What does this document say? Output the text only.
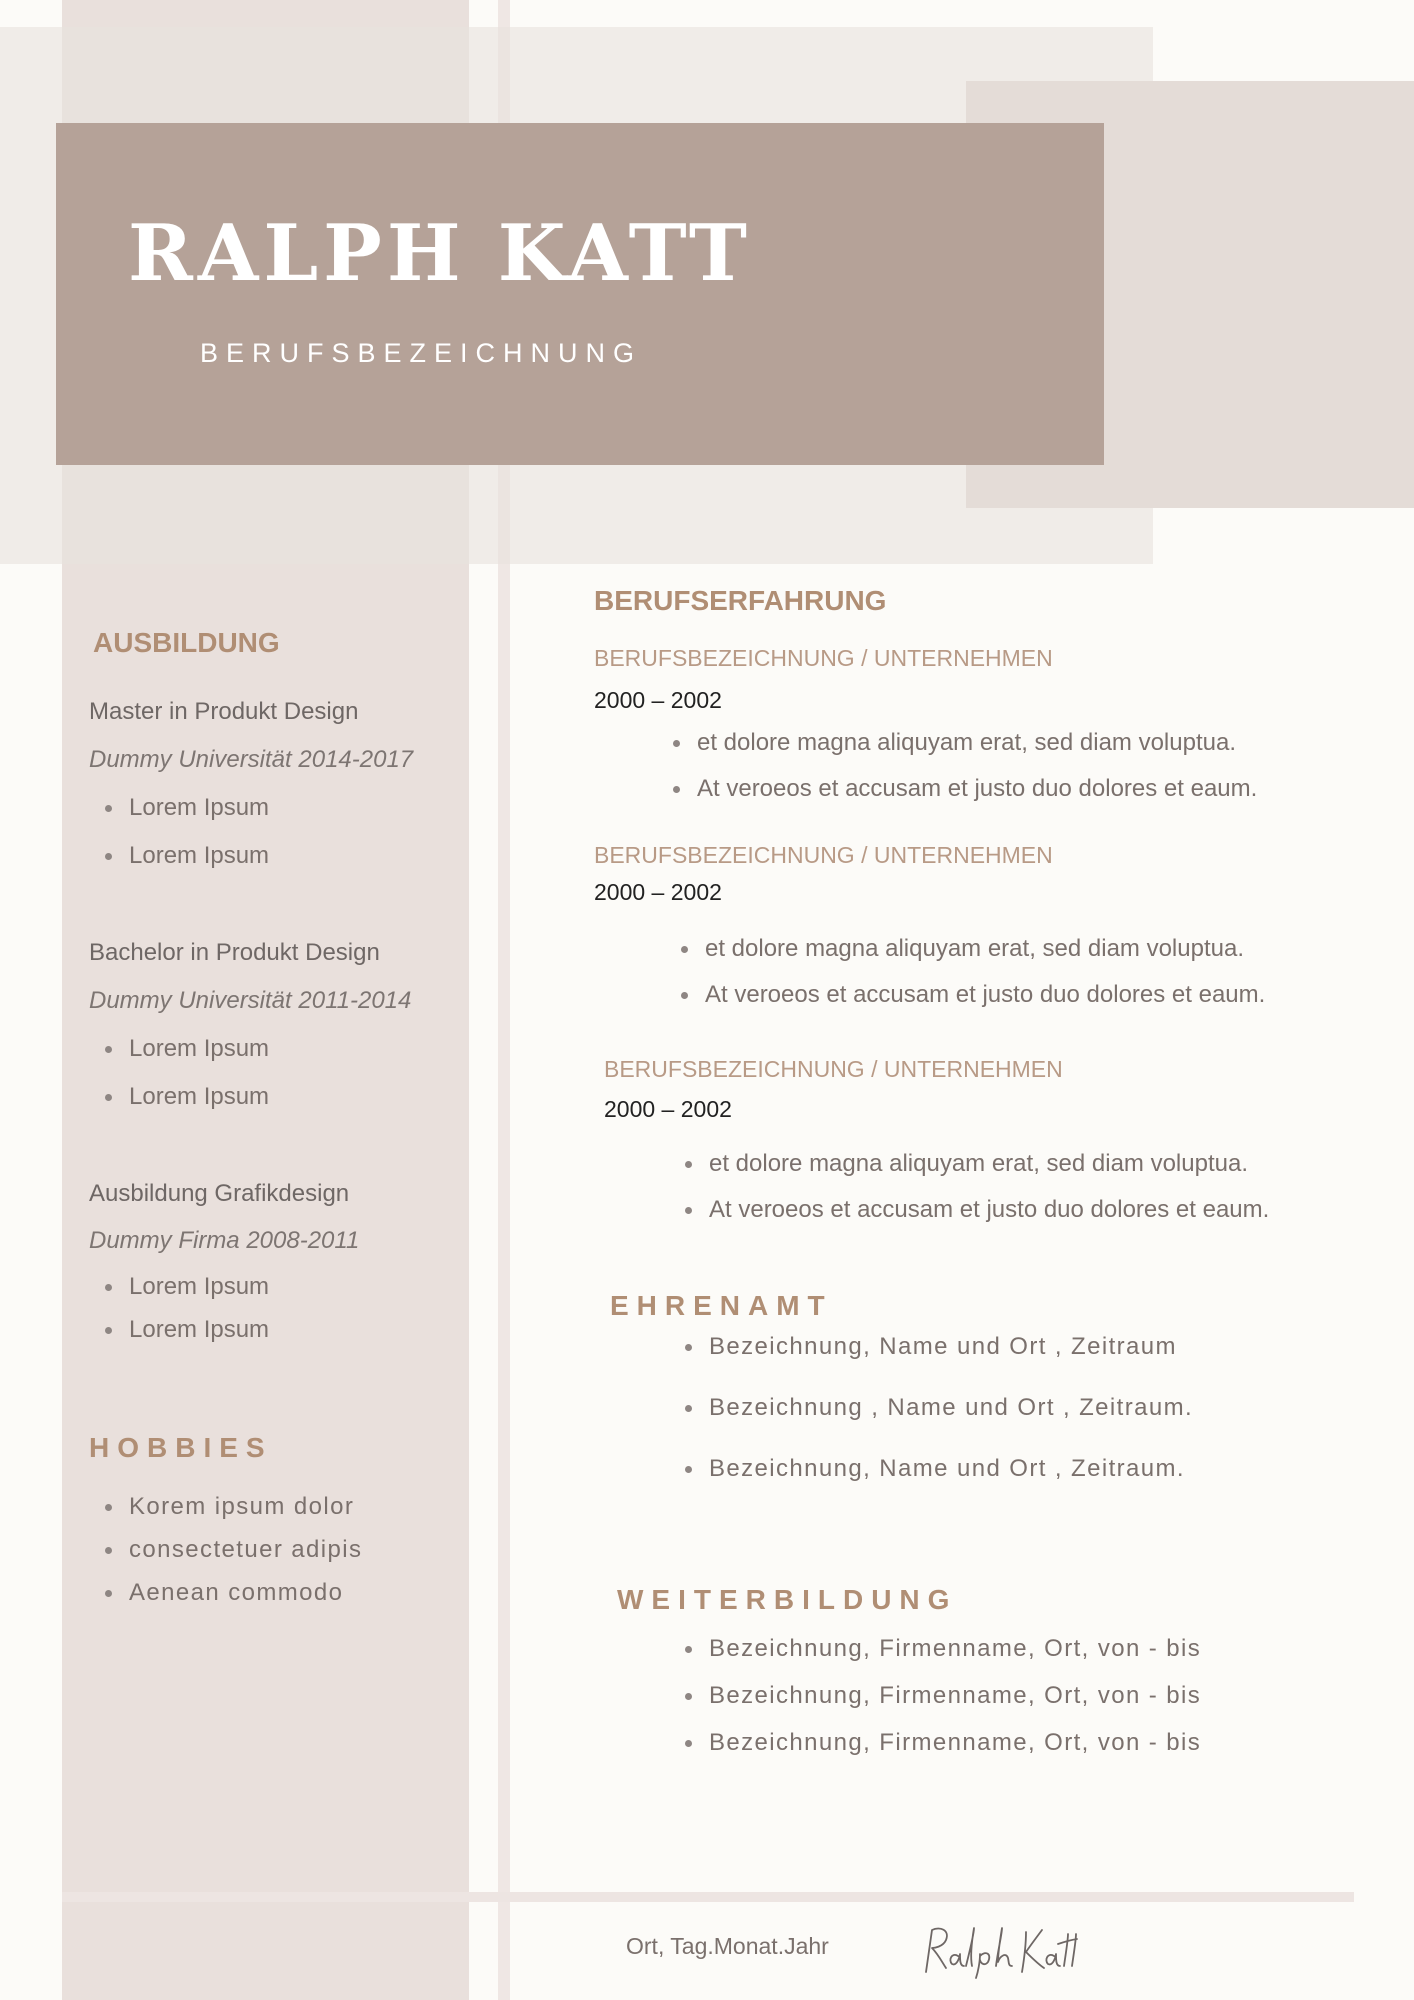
RALPH KATT

BERUFSBEZEICHNUNG

AUSBILDUNG

Master in Produkt Design

Dummy Universität 2014-2017

Lorem Ipsum
Lorem Ipsum

Bachelor in Produkt Design

Dummy Universität 2011-2014

Lorem Ipsum
Lorem Ipsum

Ausbildung Grafikdesign

Dummy Firma 2008-2011

Lorem Ipsum
Lorem Ipsum
HOBBIES
Korem ipsum dolor
consectetuer adipis
Aenean commodo
BERUFSERFAHRUNG

BERUFSBEZEICHNUNG / UNTERNEHMEN

2000 – 2002

et dolore magna aliquyam erat, sed diam voluptua.
At veroeos et accusam et justo duo dolores et eaum.

BERUFSBEZEICHNUNG / UNTERNEHMEN

2000 – 2002

et dolore magna aliquyam erat, sed diam voluptua.
At veroeos et accusam et justo duo dolores et eaum.

BERUFSBEZEICHNUNG / UNTERNEHMEN

2000 – 2002

et dolore magna aliquyam erat, sed diam voluptua.
At veroeos et accusam et justo duo dolores et eaum.
EHRENAMT
Bezeichnung, Name und Ort , Zeitraum
Bezeichnung , Name und Ort , Zeitraum.
Bezeichnung, Name und Ort , Zeitraum.
WEITERBILDUNG
Bezeichnung, Firmenname, Ort, von - bis
Bezeichnung, Firmenname, Ort, von - bis
Bezeichnung, Firmenname, Ort, von - bis

Ort, Tag.Monat.Jahr
